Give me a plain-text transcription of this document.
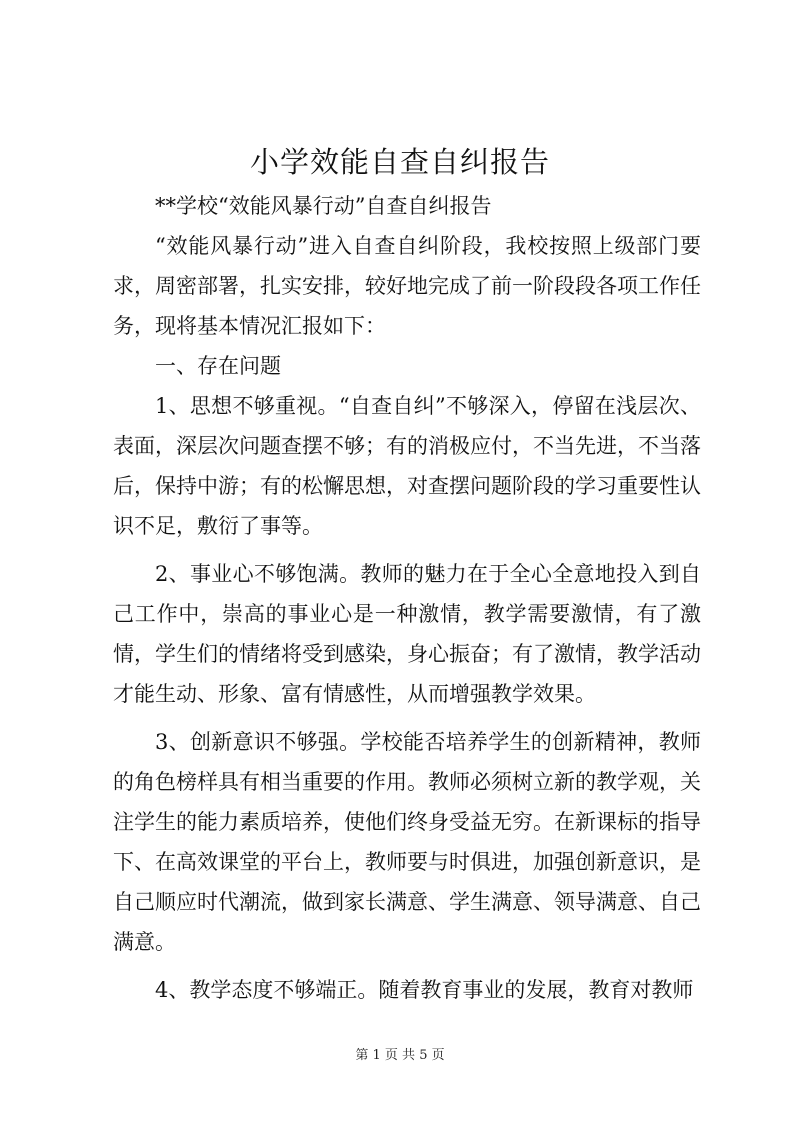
小学效能自查自纠报告

**学校“效能风暴行动”自查自纠报告

“效能风暴行动”进入自查自纠阶段，我校按照上级部门要求，周密部署，扎实安排，较好地完成了前一阶段段各项工作任务，现将基本情况汇报如下：

一、存在问题

1、思想不够重视。“自查自纠”不够深入，停留在浅层次、表面，深层次问题查摆不够；有的消极应付，不当先进，不当落后，保持中游；有的松懈思想，对查摆问题阶段的学习重要性认识不足，敷衍了事等。

2、事业心不够饱满。教师的魅力在于全心全意地投入到自己工作中，崇高的事业心是一种激情，教学需要激情，有了激情，学生们的情绪将受到感染，身心振奋；有了激情，教学活动才能生动、形象、富有情感性，从而增强教学效果。

3、创新意识不够强。学校能否培养学生的创新精神，教师的角色榜样具有相当重要的作用。教师必须树立新的教学观，关注学生的能力素质培养，使他们终身受益无穷。在新课标的指导下、在高效课堂的平台上，教师要与时俱进，加强创新意识，是自己顺应时代潮流，做到家长满意、学生满意、领导满意、自己满意。

4、教学态度不够端正。随着教育事业的发展，教育对教师

第 1 页 共 5 页
